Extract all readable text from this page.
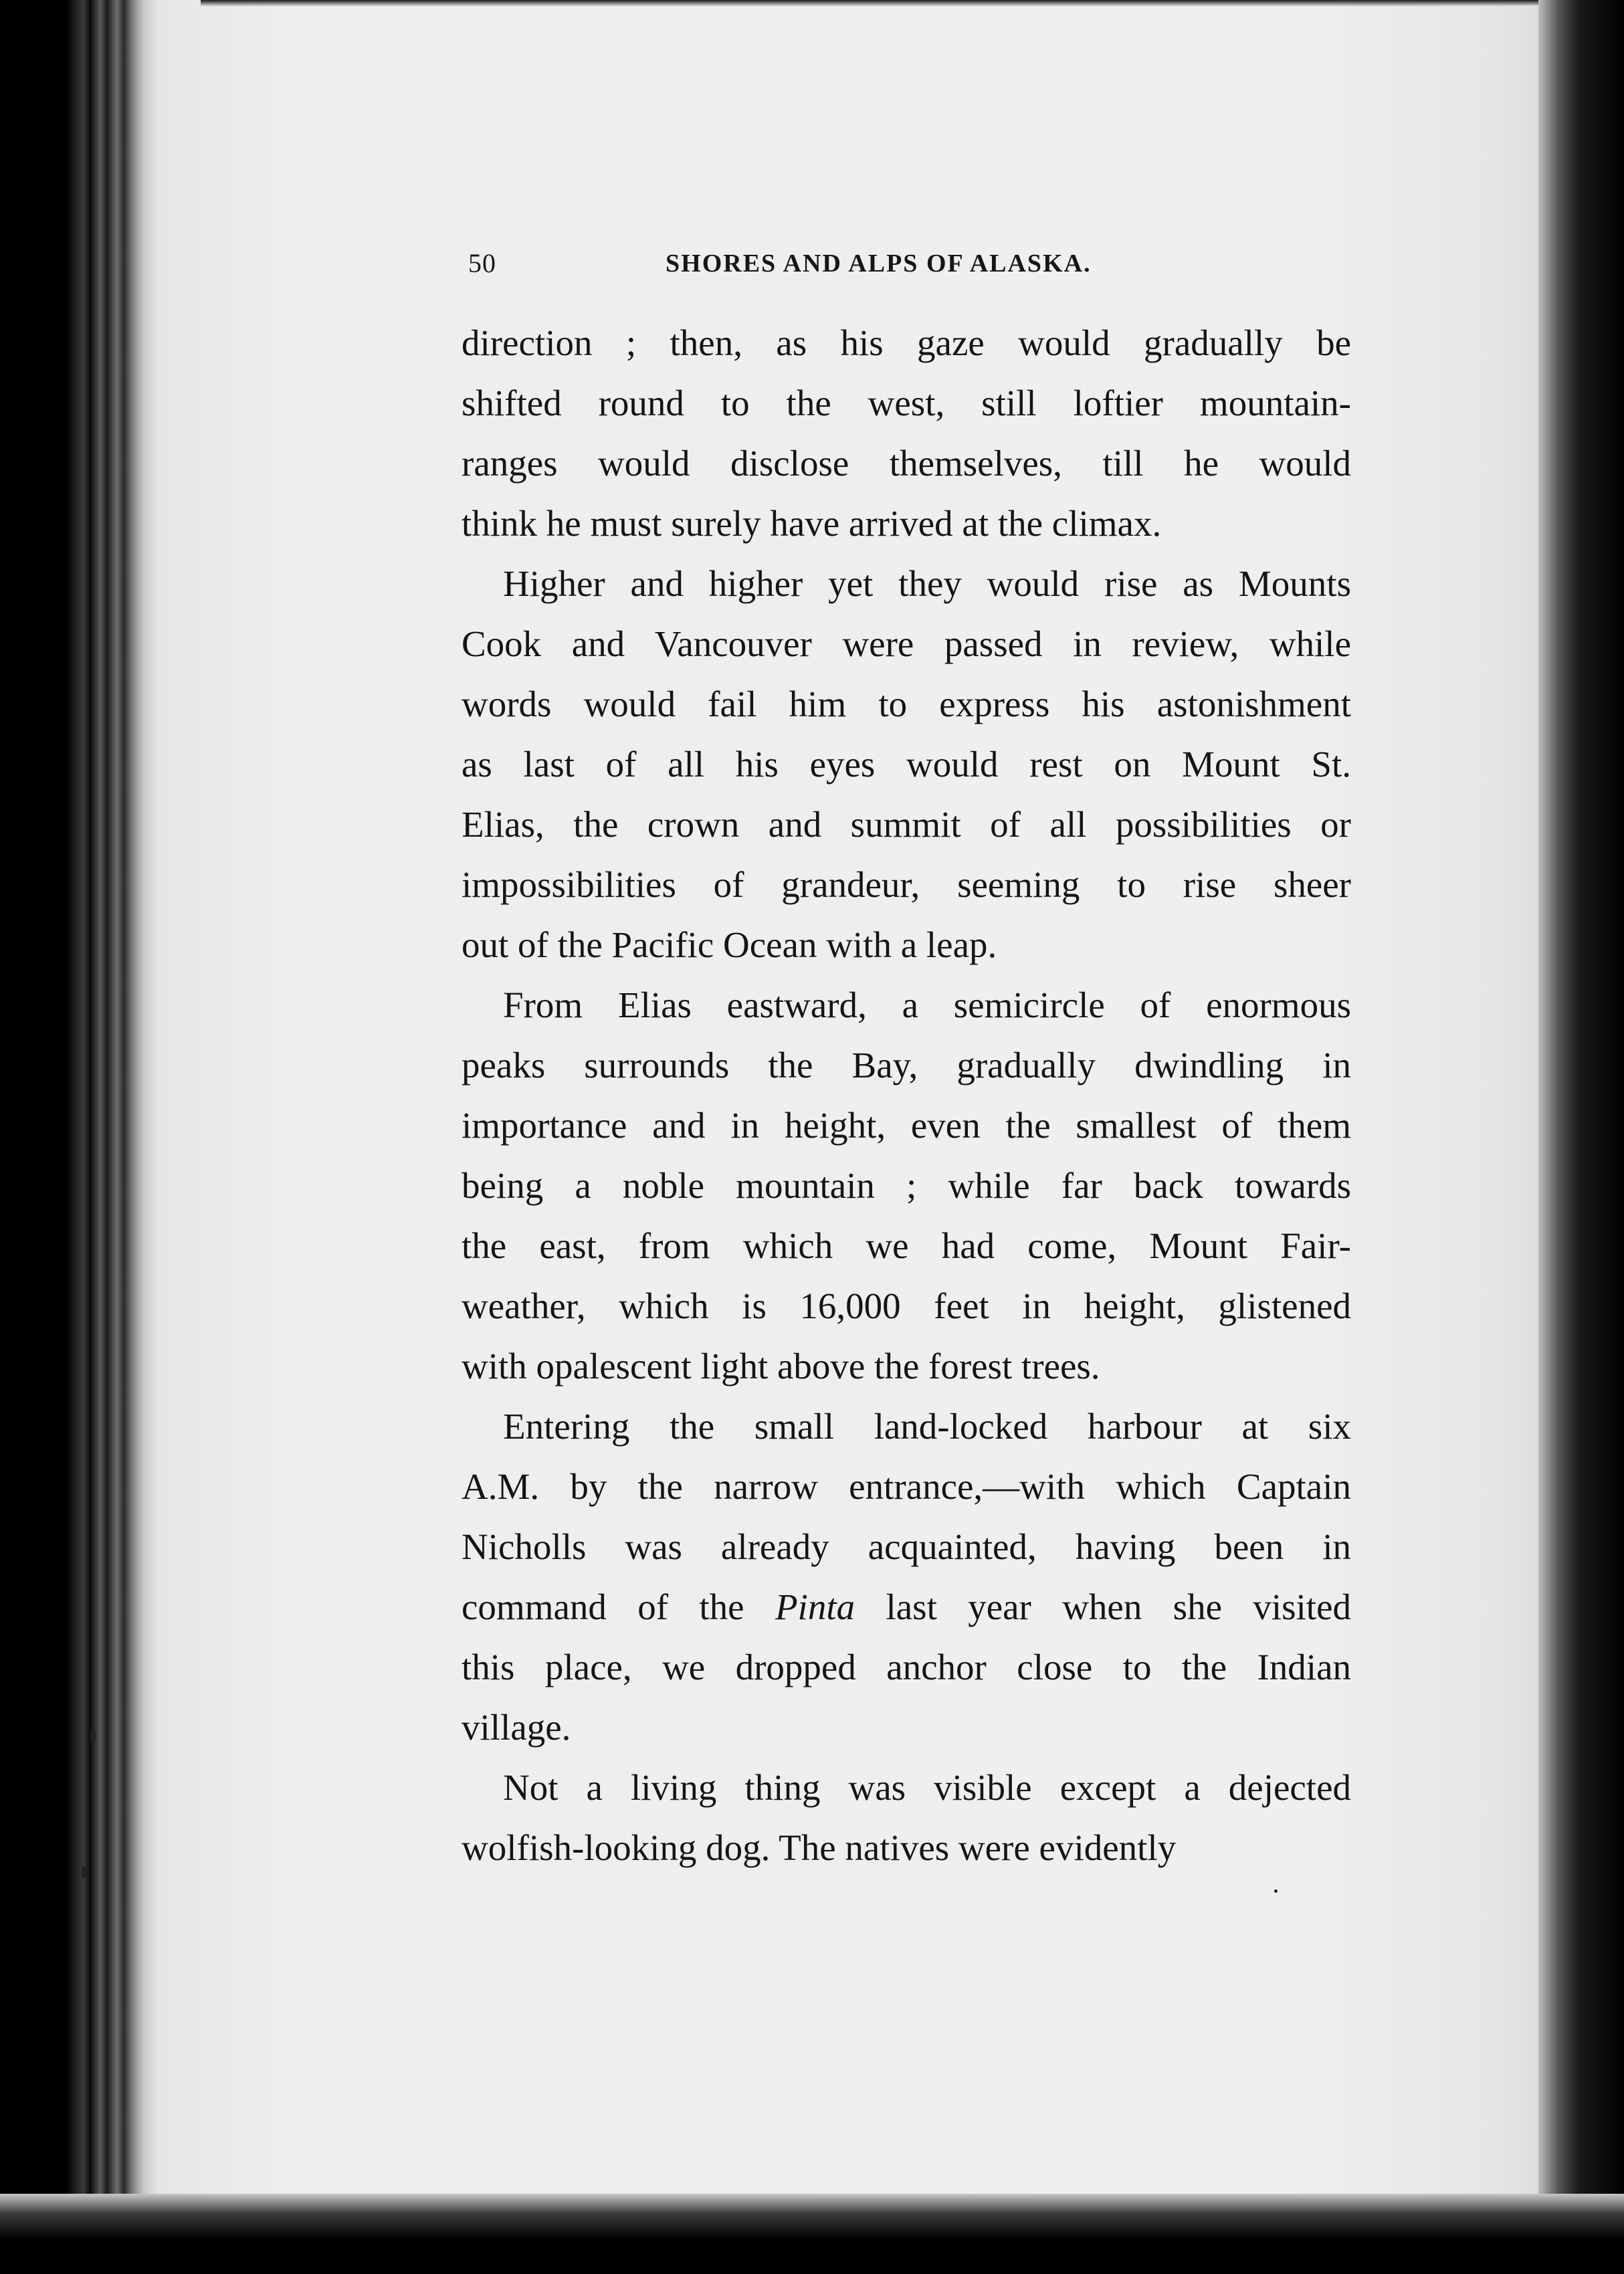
50	SHORES AND ALPS OF ALASKA.
direction ; then, as his gaze would gradually be
shifted round to the west, still loftier mountain-
ranges would disclose themselves, till he would
think he must surely have arrived at the climax.
Higher and higher yet they would rise as Mounts
Cook and Vancouver were passed in review, while
words would fail him to express his astonishment
as last of all his eyes would rest on Mount St.
Elias, the crown and summit of all possibilities or
impossibilities of grandeur, seeming to rise sheer
out of the Pacific Ocean with a leap.
From Elias eastward, a semicircle of enormous
peaks surrounds the Bay, gradually dwindling in
importance and in height, even the smallest of them
being a noble mountain ; while far back towards
the east, from which we had come, Mount Fair-
weather, which is 16,000 feet in height, glistened
with opalescent light above the forest trees.
Entering the small land-locked harbour at six
A.M. by the narrow entrance,—with which Captain
Nicholls was already acquainted, having been in
command of the Pinta last year when she visited
this place, we dropped anchor close to the Indian
village.
Not a living thing was visible except a dejected
wolfish-looking dog. The natives were evidently
